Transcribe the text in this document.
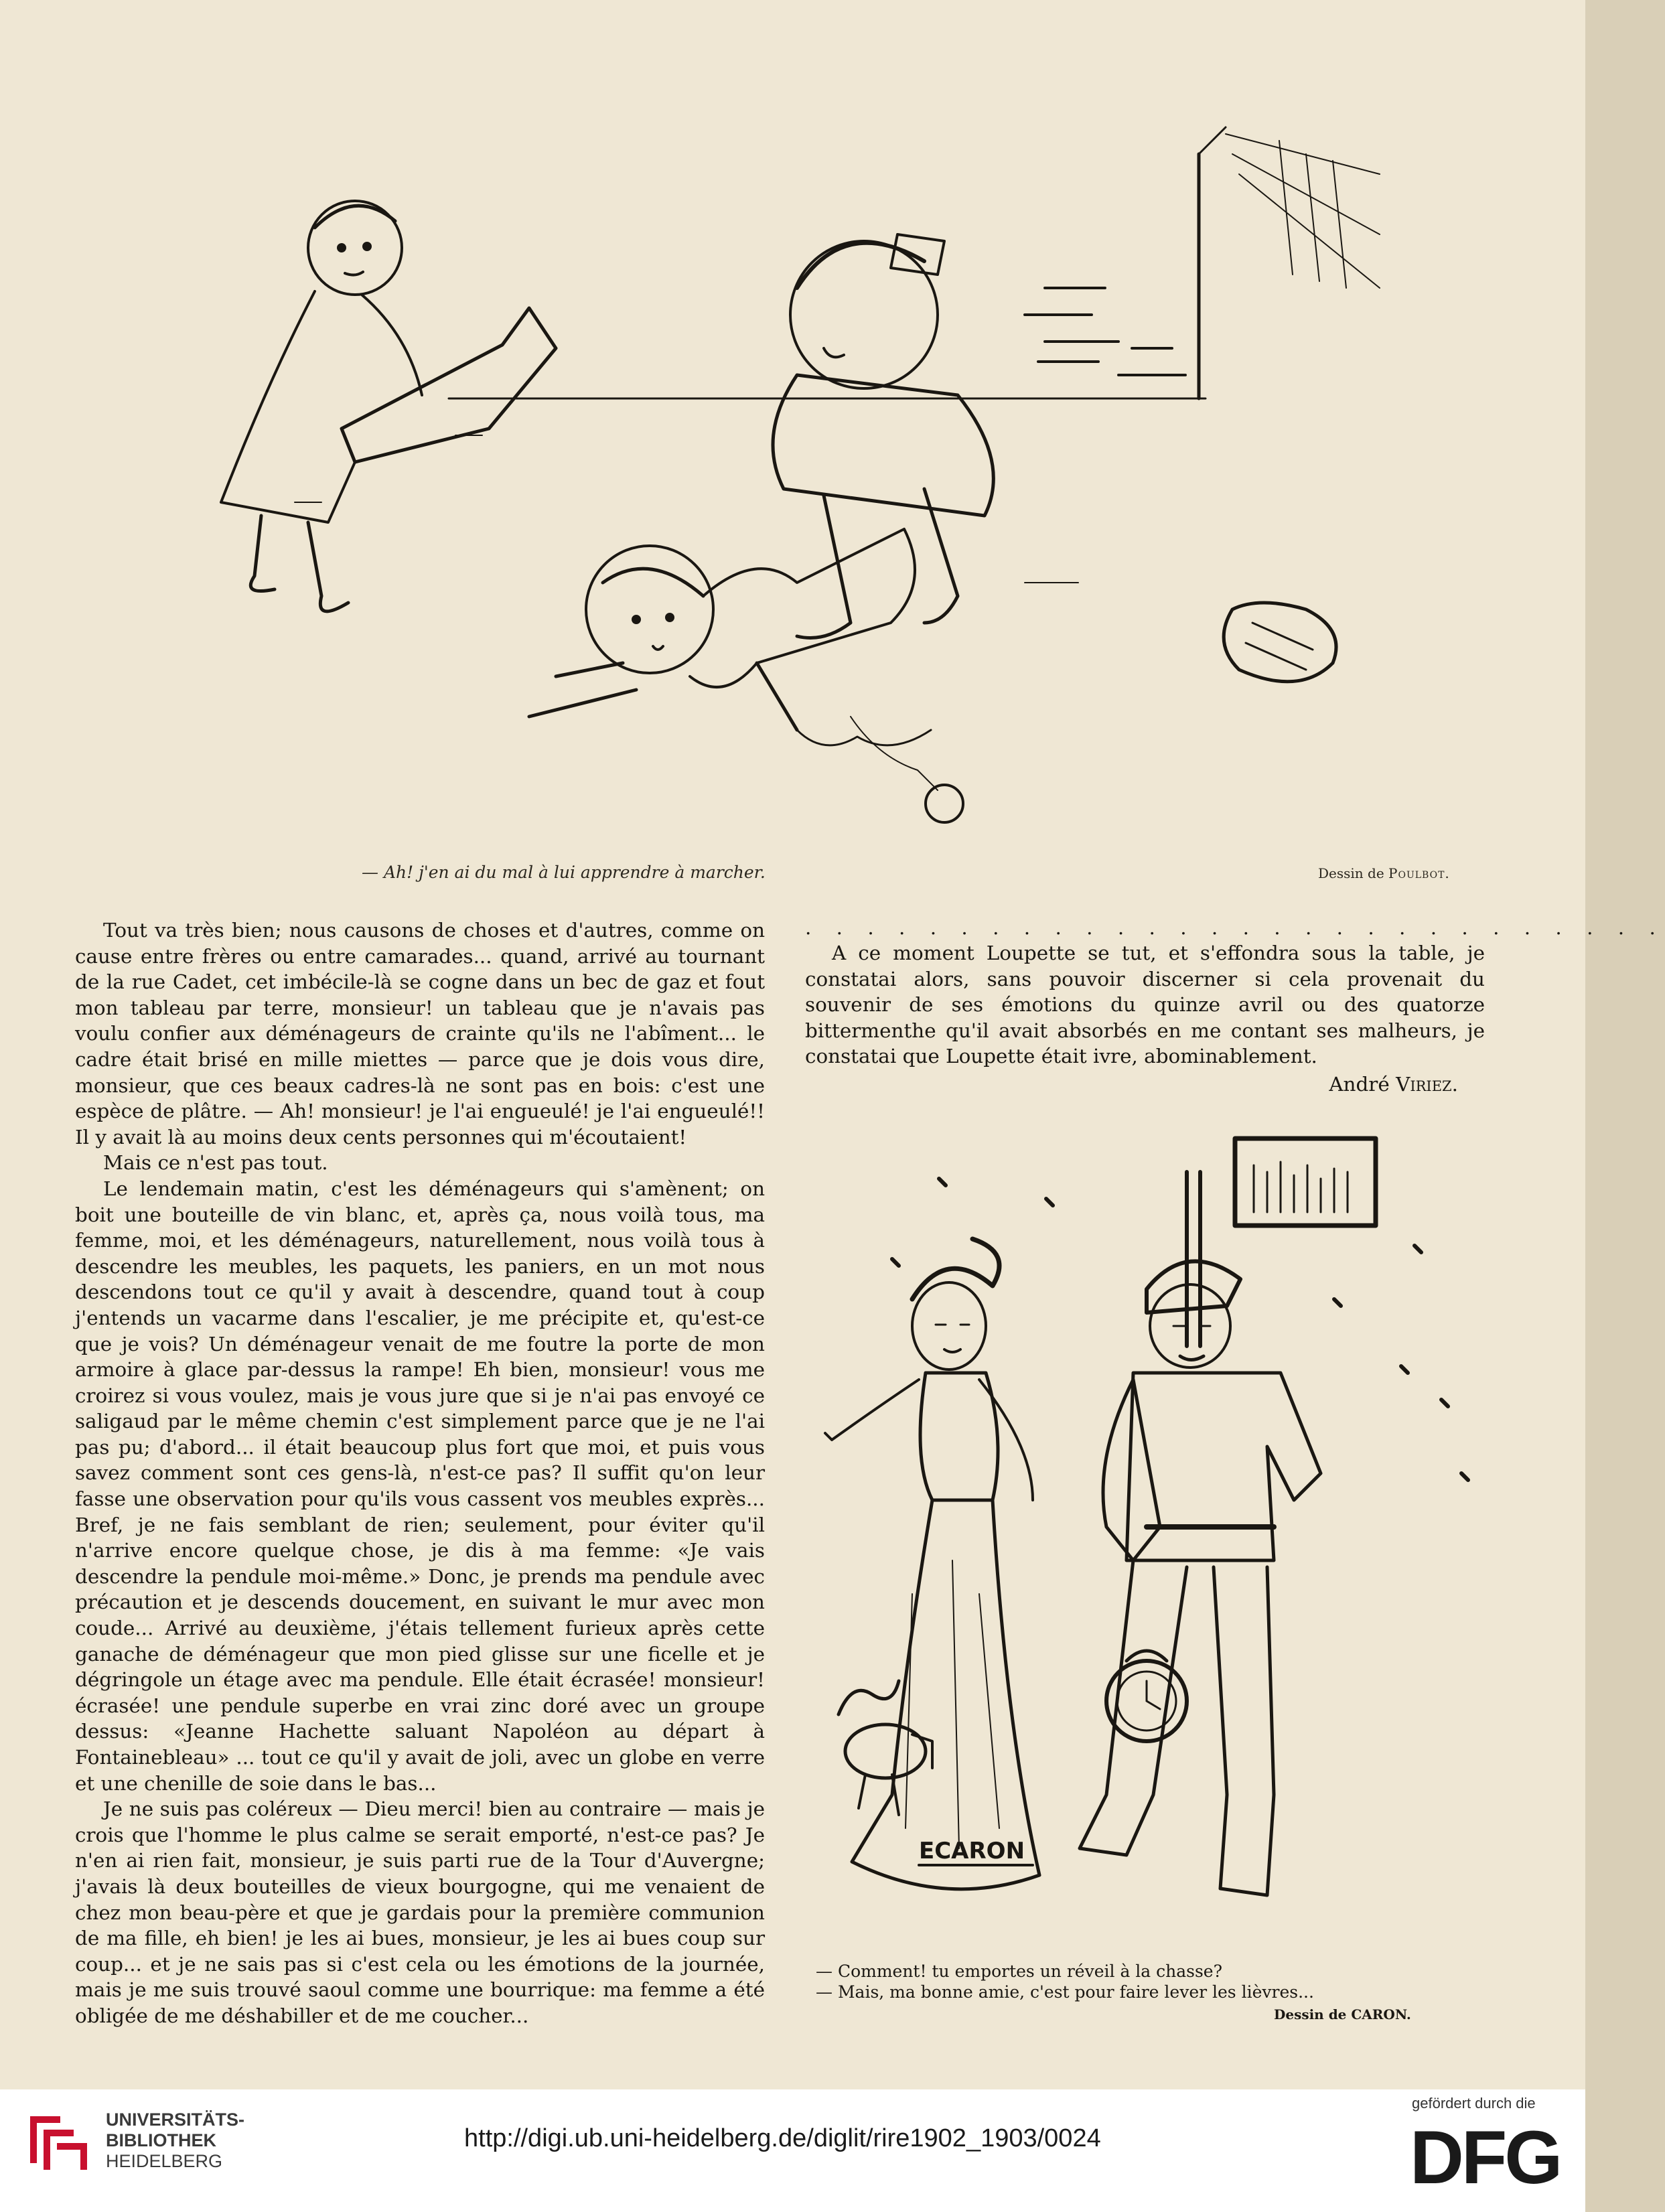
— Ah! j'en ai du mal à lui apprendre à marcher.	Dessin de Poulbot.

Tout va très bien; nous causons de choses et d'autres, comme on cause entre frères ou entre camarades... quand, arrivé au tournant de la rue Cadet, cet imbécile-là se cogne dans un bec de gaz et fout mon tableau par terre, monsieur! un tableau que je n'avais pas voulu confier aux déménageurs de crainte qu'ils ne l'abîment... le cadre était brisé en mille miettes — parce que je dois vous dire, monsieur, que ces beaux cadres-là ne sont pas en bois: c'est une espèce de plâtre. — Ah! monsieur! je l'ai engueulé! je l'ai engueulé!! Il y avait là au moins deux cents personnes qui m'écoutaient!

Mais ce n'est pas tout.

Le lendemain matin, c'est les déménageurs qui s'amènent; on boit une bouteille de vin blanc, et, après ça, nous voilà tous, ma femme, moi, et les déménageurs, naturellement, nous voilà tous à descendre les meubles, les paquets, les paniers, en un mot nous descendons tout ce qu'il y avait à descendre, quand tout à coup j'entends un vacarme dans l'escalier, je me précipite et, qu'est-ce que je vois? Un déménageur venait de me foutre la porte de mon armoire à glace par-dessus la rampe! Eh bien, monsieur! vous me croirez si vous voulez, mais je vous jure que si je n'ai pas envoyé ce saligaud par le même chemin c'est simplement parce que je ne l'ai pas pu; d'abord... il était beaucoup plus fort que moi, et puis vous savez comment sont ces gens-là, n'est-ce pas? Il suffit qu'on leur fasse une observation pour qu'ils vous cassent vos meubles exprès... Bref, je ne fais semblant de rien; seulement, pour éviter qu'il n'arrive encore quelque chose, je dis à ma femme: «Je vais descendre la pendule moi-même.» Donc, je prends ma pendule avec précaution et je descends doucement, en suivant le mur avec mon coude... Arrivé au deuxième, j'étais tellement furieux après cette ganache de déménageur que mon pied glisse sur une ficelle et je dégringole un étage avec ma pendule. Elle était écrasée! monsieur! écrasée! une pendule superbe en vrai zinc doré avec un groupe dessus: «Jeanne Hachette saluant Napoléon au départ à Fontainebleau» ... tout ce qu'il y avait de joli, avec un globe en verre et une chenille de soie dans le bas...

Je ne suis pas coléreux — Dieu merci! bien au contraire — mais je crois que l'homme le plus calme se serait emporté, n'est-ce pas? Je n'en ai rien fait, monsieur, je suis parti rue de la Tour d'Auvergne; j'avais là deux bouteilles de vieux bourgogne, qui me venaient de chez mon beau-père et que je gardais pour la première communion de ma fille, eh bien! je les ai bues, monsieur, je les ai bues coup sur coup... et je ne sais pas si c'est cela ou les émotions de la journée, mais je me suis trouvé saoul comme une bourrique: ma femme a été obligée de me déshabiller et de me coucher...

. . . . . . . . . . . . . . . . . . . . . . . . . . . .

A ce moment Loupette se tut, et s'effondra sous la table, je constatai alors, sans pouvoir discerner si cela provenait du souvenir de ses émotions du quinze avril ou des quatorze bittermenthe qu'il avait absorbés en me contant ses malheurs, je constatai que Loupette était ivre, abominablement.

André Viriez.
ECARON
— Comment! tu emportes un réveil à la chasse?
— Mais, ma bonne amie, c'est pour faire lever les lièvres...
Dessin de CARON.
UNIVERSITÄTS-
BIBLIOTHEK
HEIDELBERG
http://digi.ub.uni-heidelberg.de/diglit/rire1902_1903/0024
gefördert durch die
DFG
